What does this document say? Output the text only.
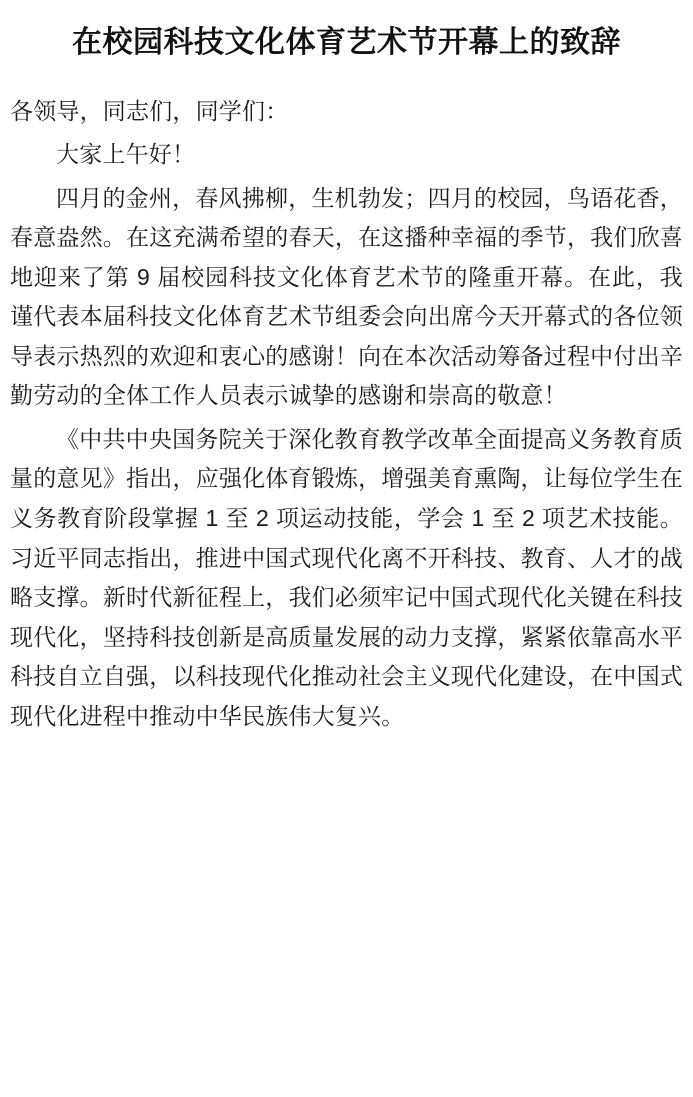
在校园科技文化体育艺术节开幕上的致辞

各领导，同志们，同学们：

大家上午好！

四月的金州，春风拂柳，生机勃发；四月的校园，鸟语花香，春意盎然。在这充满希望的春天，在这播种幸福的季节，我们欣喜地迎来了第 9 届校园科技文化体育艺术节的隆重开幕。在此，我谨代表本届科技文化体育艺术节组委会向出席今天开幕式的各位领导表示热烈的欢迎和衷心的感谢！向在本次活动筹备过程中付出辛勤劳动的全体工作人员表示诚挚的感谢和崇高的敬意！

《中共中央国务院关于深化教育教学改革全面提高义务教育质量的意见》指出，应强化体育锻炼，增强美育熏陶，让每位学生在义务教育阶段掌握 1 至 2 项运动技能，学会 1 至 2 项艺术技能。习近平同志指出，推进中国式现代化离不开科技、教育、人才的战略支撑。新时代新征程上，我们必须牢记中国式现代化关键在科技现代化，坚持科技创新是高质量发展的动力支撑，紧紧依靠高水平科技自立自强，以科技现代化推动社会主义现代化建设，在中国式现代化进程中推动中华民族伟大复兴。
